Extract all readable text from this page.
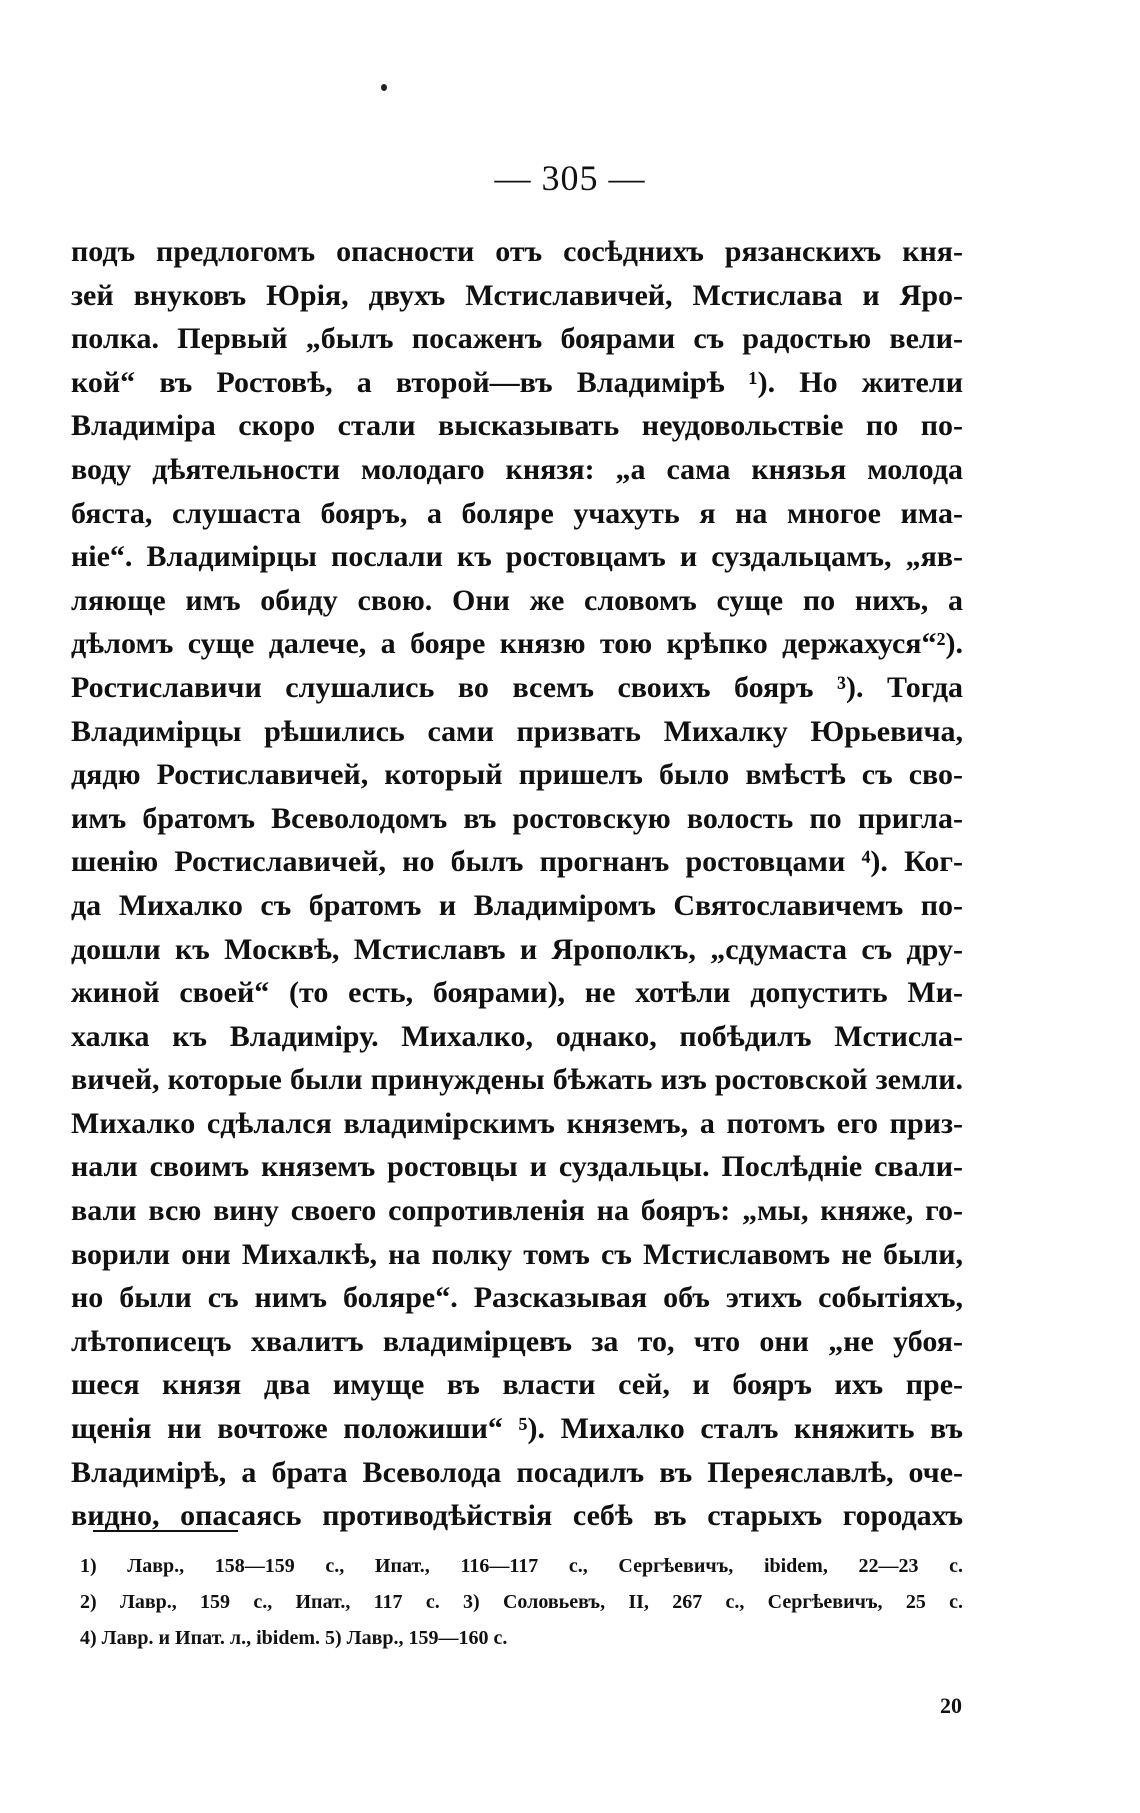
— 305 —
подъ предлогомъ опасности отъ сосѣднихъ рязанскихъ кня-
зей внуковъ Юрія, двухъ Мстиславичей, Мстислава и Яро-
полка. Первый „былъ посаженъ боярами съ радостью вели-
кой“ въ Ростовѣ, а второй—въ Владимірѣ ¹). Но жители
Владиміра скоро стали высказывать неудовольствіе по по-
воду дѣятельности молодаго князя: „а сама князья молода
бяста, слушаста бояръ, а боляре учахуть я на многое има-
ніе“. Владимірцы послали къ ростовцамъ и суздальцамъ, „яв-
ляюще имъ обиду свою. Они же словомъ суще по нихъ, а
дѣломъ суще далече, а бояре князю тою крѣпко держахуся“²).
Ростиславичи слушались во всемъ своихъ бояръ ³). Тогда
Владимірцы рѣшились сами призвать Михалку Юрьевича,
дядю Ростиславичей, который пришелъ было вмѣстѣ съ сво-
имъ братомъ Всеволодомъ въ ростовскую волость по пригла-
шенію Ростиславичей, но былъ прогнанъ ростовцами ⁴). Ког-
да Михалко съ братомъ и Владиміромъ Святославичемъ по-
дошли къ Москвѣ, Мстиславъ и Ярополкъ, „сдумаста съ дру-
жиной своей“ (то есть, боярами), не хотѣли допустить Ми-
халка къ Владиміру. Михалко, однако, побѣдилъ Мстисла-
вичей, которые были принуждены бѣжать изъ ростовской земли.
Михалко сдѣлался владимірскимъ княземъ, а потомъ его приз-
нали своимъ княземъ ростовцы и суздальцы. Послѣдніе свали-
вали всю вину своего сопротивленія на бояръ: „мы, княже, го-
ворили они Михалкѣ, на полку томъ съ Мстиславомъ не были,
но были съ нимъ боляре“. Разсказывая объ этихъ событіяхъ,
лѣтописецъ хвалитъ владимірцевъ за то, что они „не убоя-
шеся князя два имуще въ власти сей, и бояръ ихъ пре-
щенія ни вочтоже положиши“ ⁵). Михалко сталъ княжить въ
Владимірѣ, а брата Всеволода посадилъ въ Переяславлѣ, оче-
видно, опасаясь противодѣйствія себѣ въ старыхъ городахъ
1) Лавр., 158—159 с., Ипат., 116—117 с., Сергѣевичъ, ibidem, 22—23 с.
2) Лавр., 159 с., Ипат., 117 с. 3) Соловьевъ, II, 267 с., Сергѣевичъ, 25 с.
4) Лавр. и Ипат. л., ibidem. 5) Лавр., 159—160 с.
20
